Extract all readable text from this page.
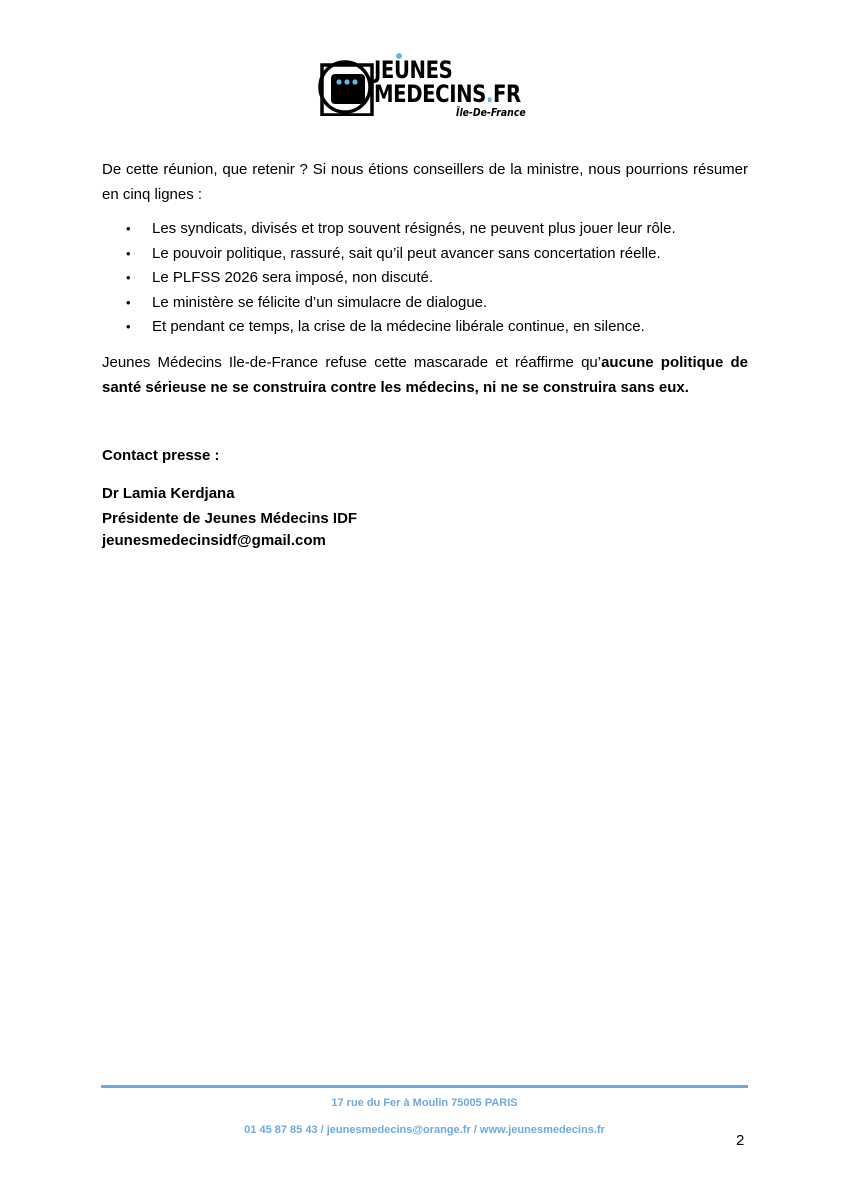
JEUNES
MEDECINS.FR
Île-De-France

De cette réunion, que retenir ? Si nous étions conseillers de la ministre, nous pourrions résumer en cinq lignes :

• Les syndicats, divisés et trop souvent résignés, ne peuvent plus jouer leur rôle.
• Le pouvoir politique, rassuré, sait qu’il peut avancer sans concertation réelle.
• Le PLFSS 2026 sera imposé, non discuté.
• Le ministère se félicite d’un simulacre de dialogue.
• Et pendant ce temps, la crise de la médecine libérale continue, en silence.

Jeunes Médecins Ile-de-France refuse cette mascarade et réaffirme qu’aucune politique de santé sérieuse ne se construira contre les médecins, ni ne se construira sans eux.

Contact presse :
Dr Lamia Kerdjana
Présidente de Jeunes Médecins IDF
jeunesmedecinsidf@gmail.com
17 rue du Fer à Moulin 75005 PARIS
01 45 87 85 43 / jeunesmedecins@orange.fr / www.jeunesmedecins.fr
2
